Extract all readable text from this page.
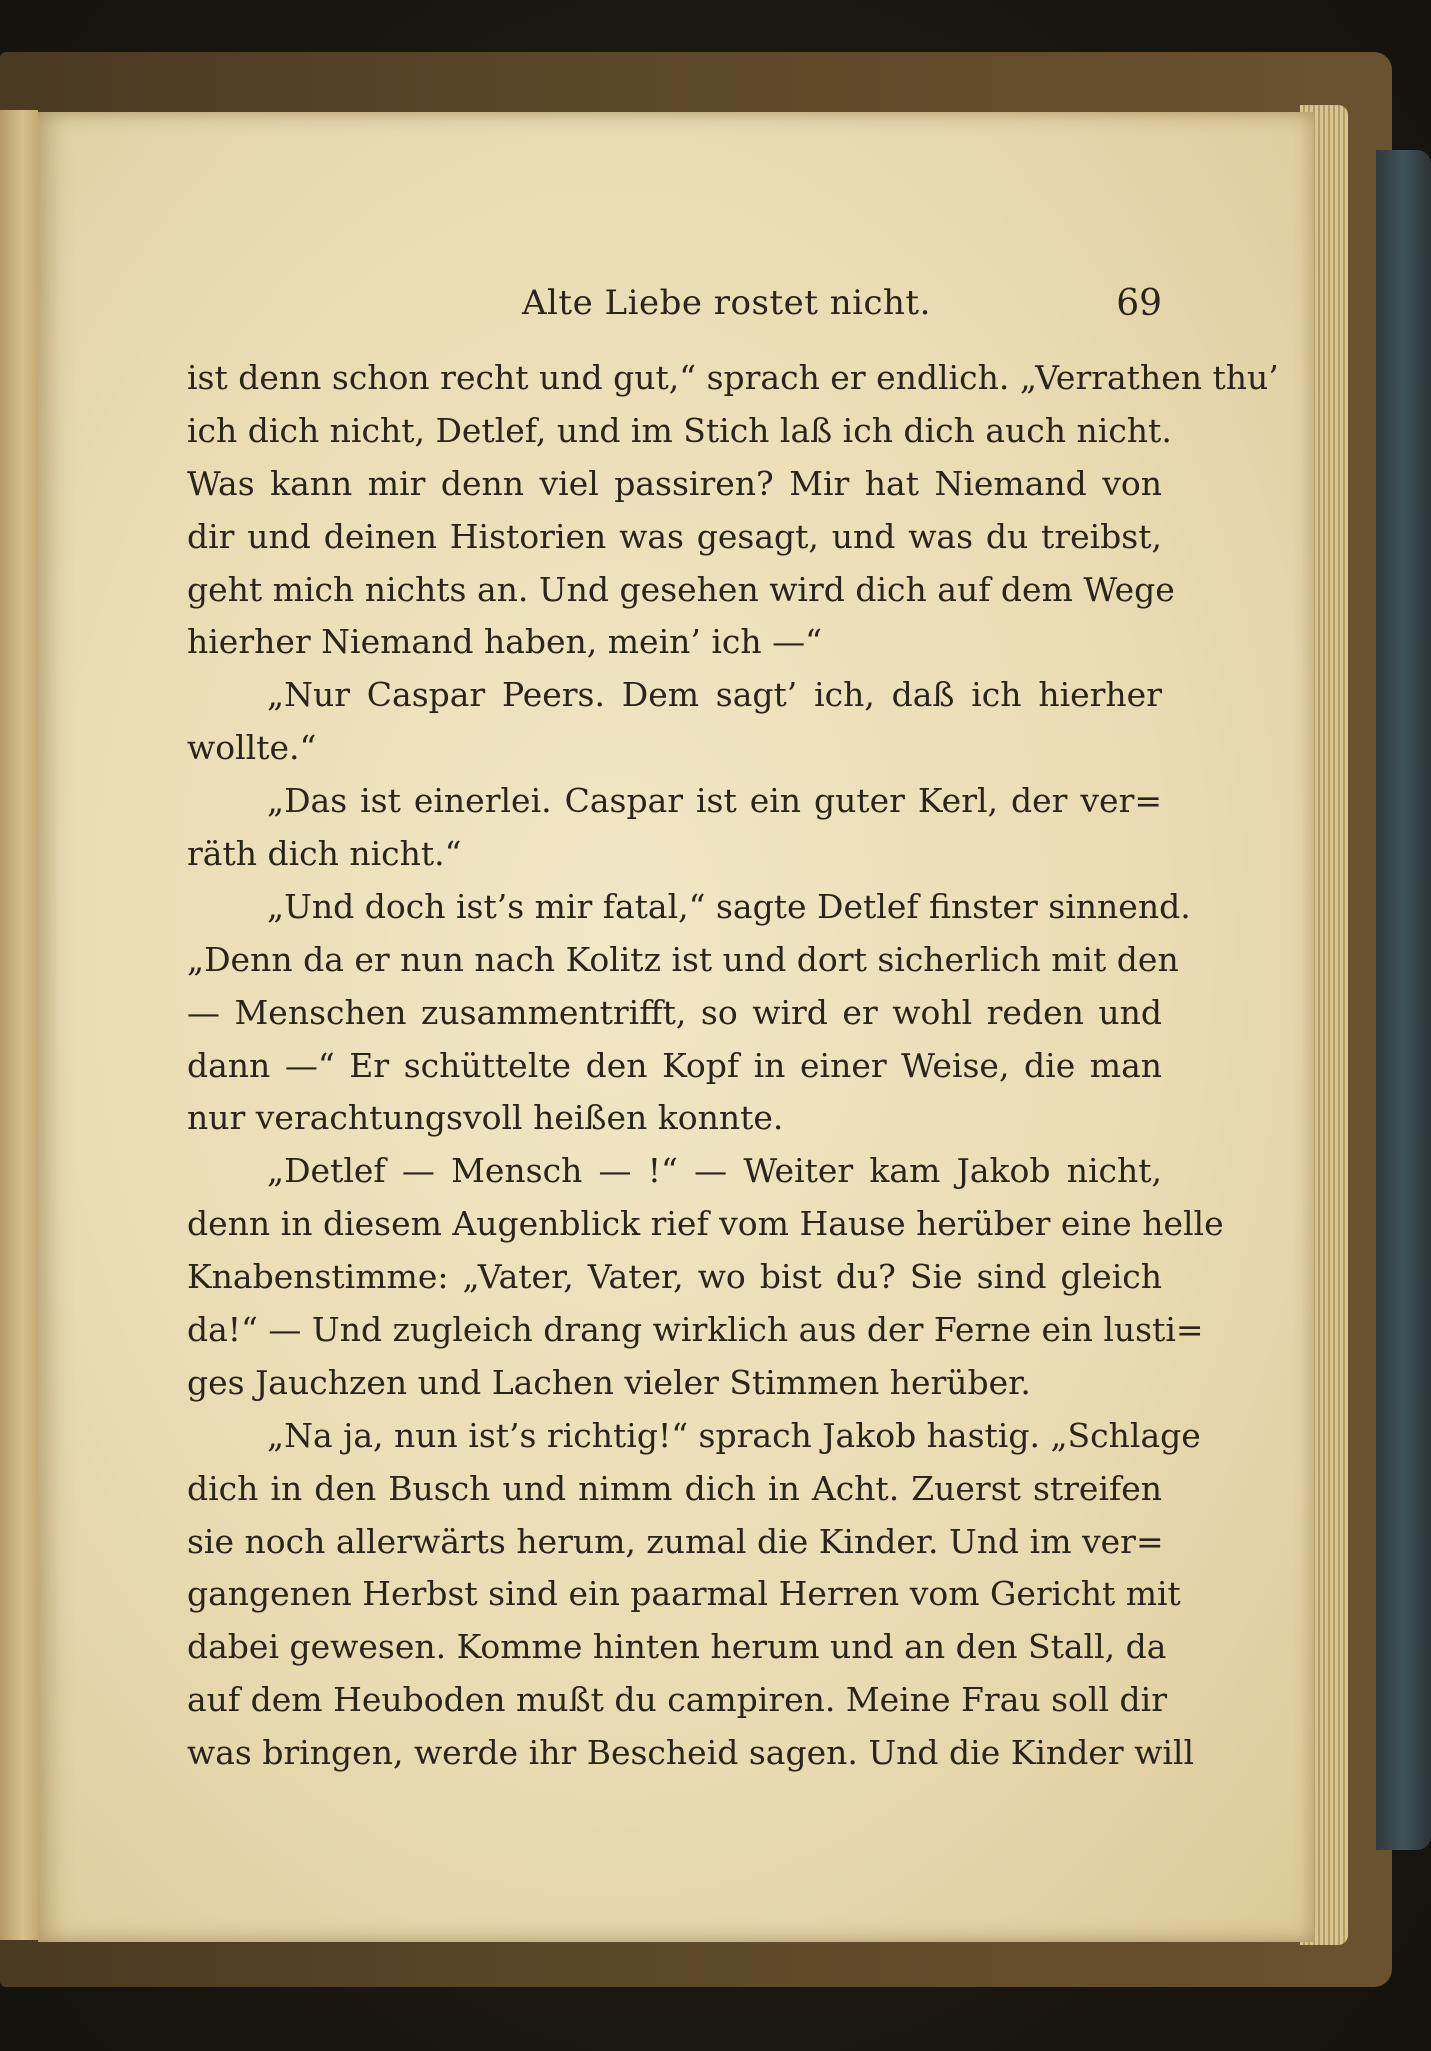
Alte Liebe rostet nicht.	69
ist denn schon recht und gut,“ sprach er endlich. „Verrathen thu’
ich dich nicht, Detlef, und im Stich laß ich dich auch nicht.
Was kann mir denn viel passiren? Mir hat Niemand von
dir und deinen Historien was gesagt, und was du treibst,
geht mich nichts an. Und gesehen wird dich auf dem Wege
hierher Niemand haben, mein’ ich —“
„Nur Caspar Peers. Dem sagt’ ich, daß ich hierher
wollte.“
„Das ist einerlei. Caspar ist ein guter Kerl, der ver=
räth dich nicht.“
„Und doch ist’s mir fatal,“ sagte Detlef finster sinnend.
„Denn da er nun nach Kolitz ist und dort sicherlich mit den
— Menschen zusammentrifft, so wird er wohl reden und
dann —“ Er schüttelte den Kopf in einer Weise, die man
nur verachtungsvoll heißen konnte.
„Detlef — Mensch — !“ — Weiter kam Jakob nicht,
denn in diesem Augenblick rief vom Hause herüber eine helle
Knabenstimme: „Vater, Vater, wo bist du? Sie sind gleich
da!“ — Und zugleich drang wirklich aus der Ferne ein lusti=
ges Jauchzen und Lachen vieler Stimmen herüber.
„Na ja, nun ist’s richtig!“ sprach Jakob hastig. „Schlage
dich in den Busch und nimm dich in Acht. Zuerst streifen
sie noch allerwärts herum, zumal die Kinder. Und im ver=
gangenen Herbst sind ein paarmal Herren vom Gericht mit
dabei gewesen. Komme hinten herum und an den Stall, da
auf dem Heuboden mußt du campiren. Meine Frau soll dir
was bringen, werde ihr Bescheid sagen. Und die Kinder will
